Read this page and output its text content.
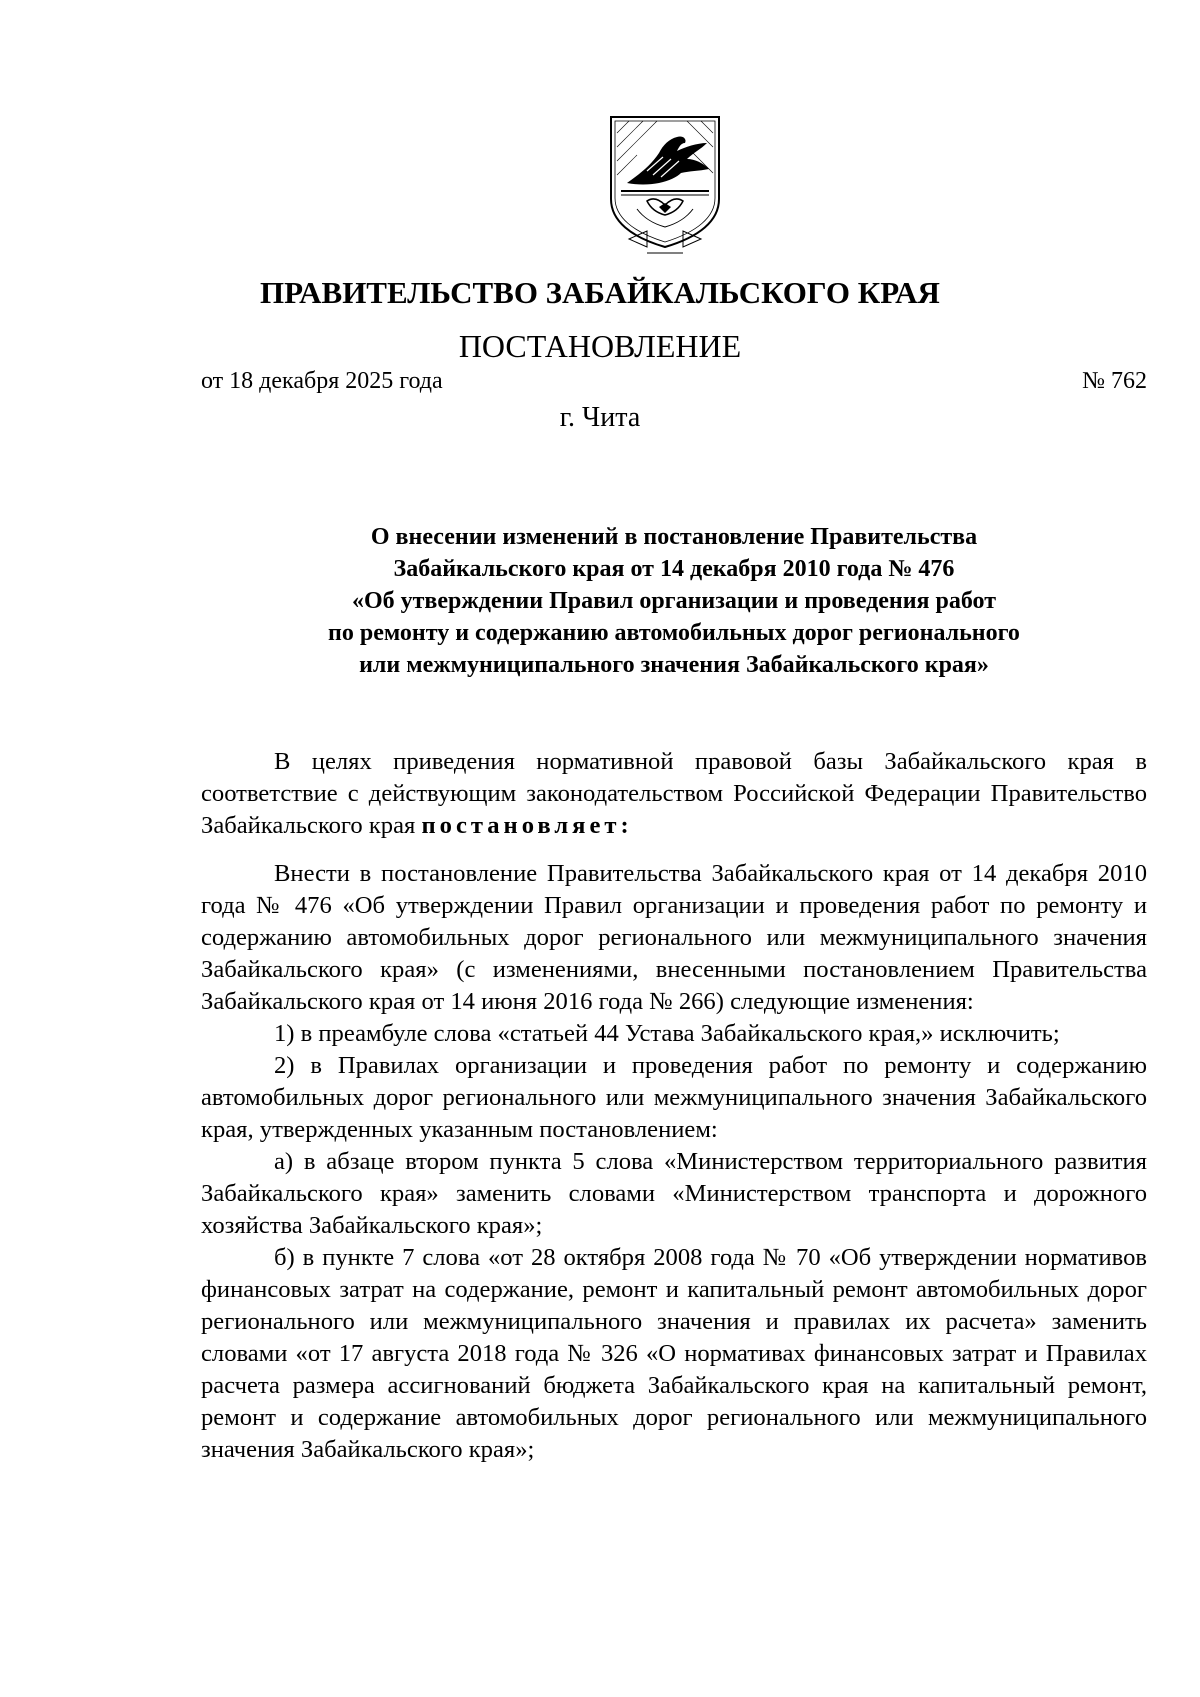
ПРАВИТЕЛЬСТВО ЗАБАЙКАЛЬСКОГО КРАЯ
ПОСТАНОВЛЕНИЕ
от 18 декабря 2025 года	№ 762
г. Чита
О внесении изменений в постановление Правительства
Забайкальского края от 14 декабря 2010 года № 476
«Об утверждении Правил организации и проведения работ
по ремонту и содержанию автомобильных дорог регионального
или межмуниципального значения Забайкальского края»

В целях приведения нормативной правовой базы Забайкальского края в соответствие с действующим законодательством Российской Федерации Правительство Забайкальского края постановляет:

Внести в постановление Правительства Забайкальского края от 14 декабря 2010 года № 476 «Об утверждении Правил организации и проведения работ по ремонту и содержанию автомобильных дорог регионального или межмуниципального значения Забайкальского края» (с изменениями, внесенными постановлением Правительства Забайкальского края от 14 июня 2016 года № 266) следующие изменения:

1) в преамбуле слова «статьей 44 Устава Забайкальского края,» исключить;

2) в Правилах организации и проведения работ по ремонту и содержанию автомобильных дорог регионального или межмуниципального значения Забайкальского края, утвержденных указанным постановлением:

а) в абзаце втором пункта 5 слова «Министерством территориального развития Забайкальского края» заменить словами «Министерством транспорта и дорожного хозяйства Забайкальского края»;

б) в пункте 7 слова «от 28 октября 2008 года № 70 «Об утверждении нормативов финансовых затрат на содержание, ремонт и капитальный ремонт автомобильных дорог регионального или межмуниципального значения и правилах их расчета» заменить словами «от 17 августа 2018 года № 326 «О нормативах финансовых затрат и Правилах расчета размера ассигнований бюджета Забайкальского края на капитальный ремонт, ремонт и содержание автомобильных дорог регионального или межмуниципального значения Забайкальского края»;
